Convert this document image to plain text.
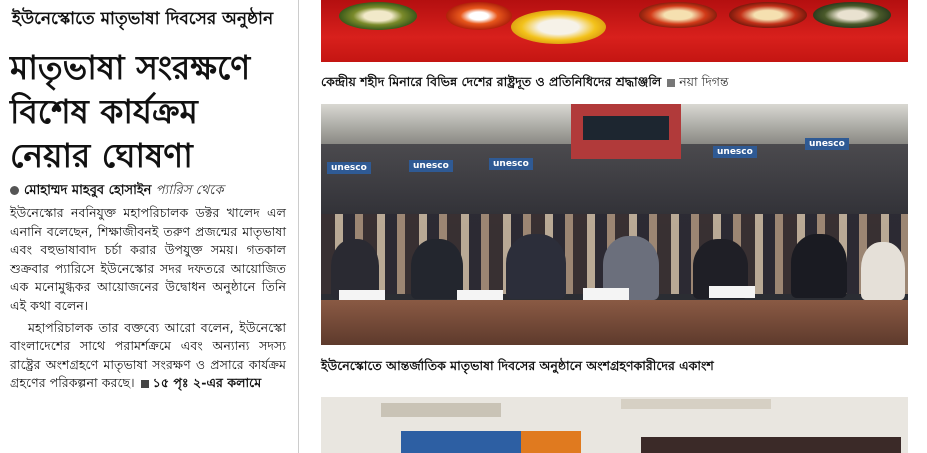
ইউনেস্কোতে মাতৃভাষা দিবসের অনুষ্ঠান
মাতৃভাষা সংরক্ষণে
বিশেষ কার্যক্রম
নেয়ার ঘোষণা
মোহাম্মদ মাহবুব হোসাইন প্যারিস থেকে

ইউনেস্কোর নবনিযুক্ত মহাপরিচালক ডক্টর খালেদ এল এনানি বলেছেন, শিক্ষাজীবনই তরুণ প্রজন্মের মাতৃভাষা এবং বহুভাষাবাদ চর্চা করার উপযুক্ত সময়। গতকাল শুক্রবার প্যারিসে ইউনেস্কোর সদর দফতরে আয়োজিত এক মনোমুগ্ধকর আয়োজনের উদ্বোধন অনুষ্ঠানে তিনি এই কথা বলেন।

মহাপরিচালক তার বক্তব্যে আরো বলেন, ইউনেস্কো বাংলাদেশের সাথে পরামর্শক্রমে এবং অন্যান্য সদস্য রাষ্ট্রের অংশগ্রহণে মাতৃভাষা সংরক্ষণ ও প্রসারে কার্যক্রম গ্রহণের পরিকল্পনা করছে। ১৫ পৃঃ ২-এর কলামে

কেন্দ্রীয় শহীদ মিনারে বিভিন্ন দেশের রাষ্ট্রদূত ও প্রতিনিধিদের শ্রদ্ধাঞ্জলি নয়া দিগন্ত
unesco	unesco	unesco
unesco
unesco
ইউনেস্কোতে আন্তর্জাতিক মাতৃভাষা দিবসের অনুষ্ঠানে অংশগ্রহণকারীদের একাংশ
